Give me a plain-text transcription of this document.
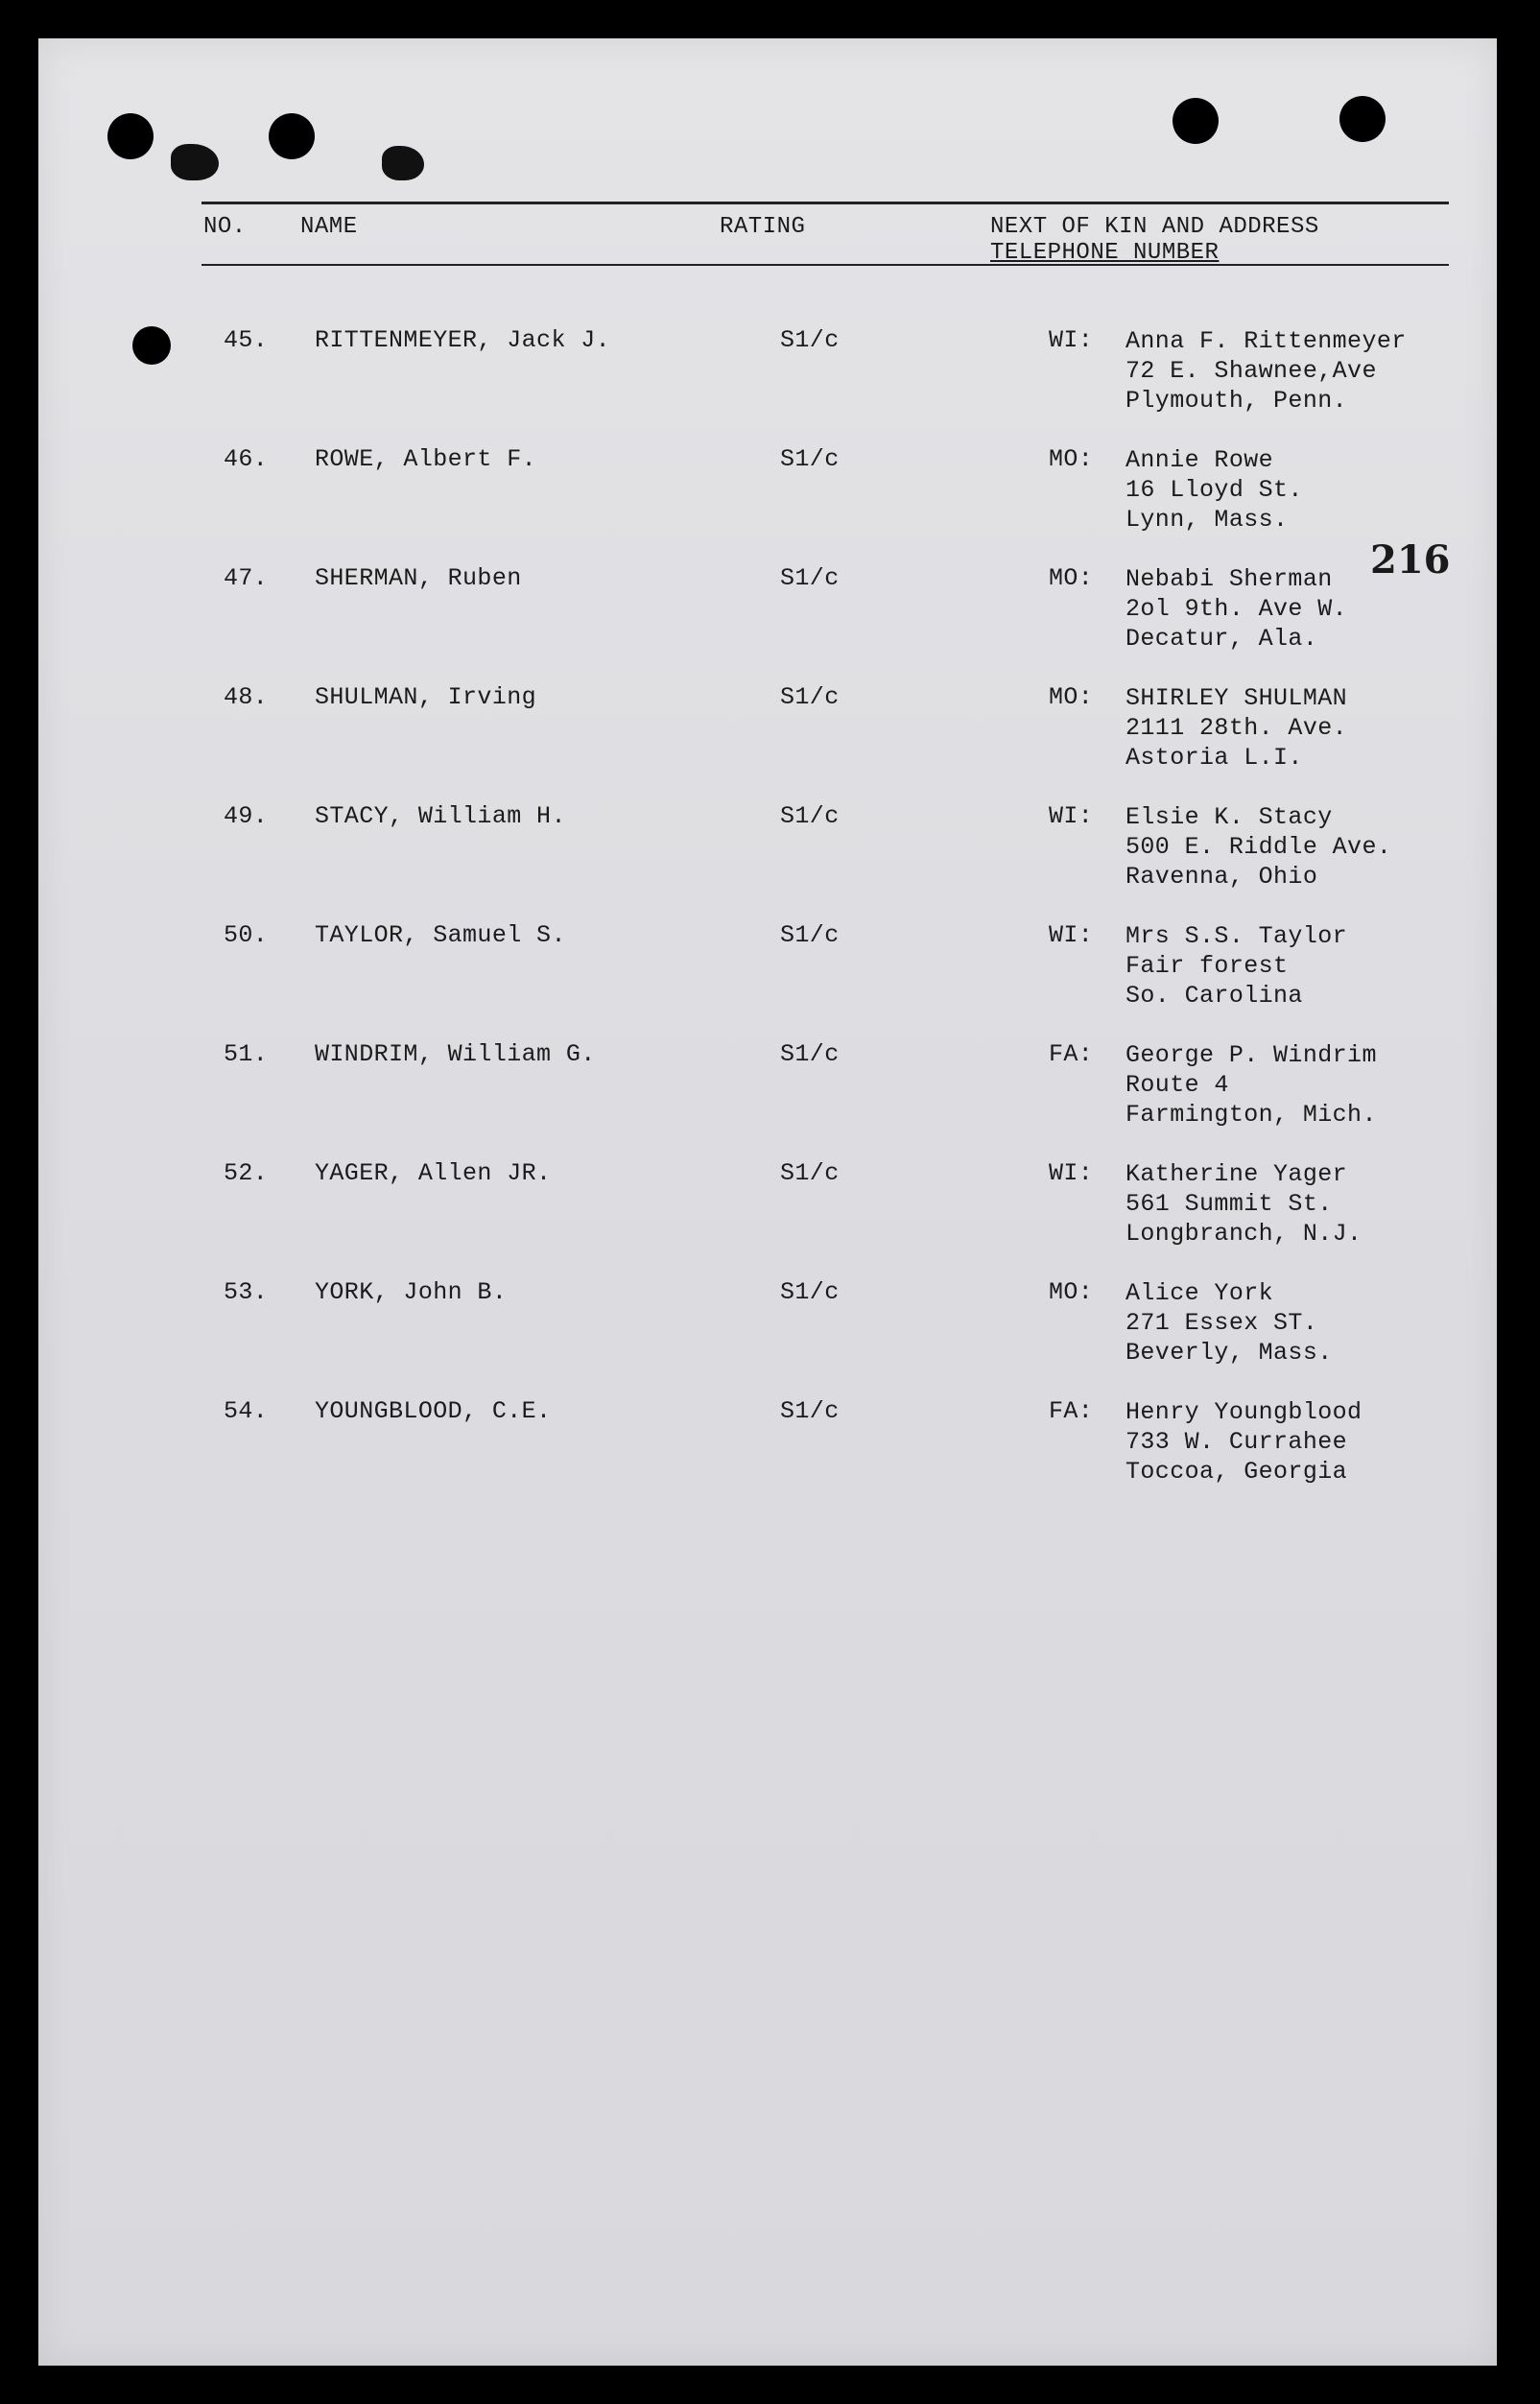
NO. NAME	RATING	NEXT OF KIN AND ADDRESS
TELEPHONE NUMBER
216
45. RITTENMEYER, Jack J.	S1/c	WI: Anna F. Rittenmeyer
72 E. Shawnee,Ave
Plymouth, Penn.
46. ROWE, Albert F.	S1/c	MO: Annie Rowe
16 Lloyd St.
Lynn, Mass.
47. SHERMAN, Ruben	S1/c	MO: Nebabi Sherman
2ol 9th. Ave W.
Decatur, Ala.
48. SHULMAN, Irving	S1/c	MO: SHIRLEY SHULMAN
2111 28th. Ave.
Astoria L.I.
49. STACY, William H.	S1/c	WI: Elsie K. Stacy
500 E. Riddle Ave.
Ravenna, Ohio
50. TAYLOR, Samuel S.	S1/c	WI: Mrs S.S. Taylor
Fair forest
So. Carolina
51. WINDRIM, William G.	S1/c	FA: George P. Windrim
Route 4
Farmington, Mich.
52. YAGER, Allen JR.	S1/c	WI: Katherine Yager
561 Summit St.
Longbranch, N.J.
53. YORK, John B.	S1/c	MO: Alice York
271 Essex ST.
Beverly, Mass.
54. YOUNGBLOOD, C.E.	S1/c	FA: Henry Youngblood
733 W. Currahee
Toccoa, Georgia
